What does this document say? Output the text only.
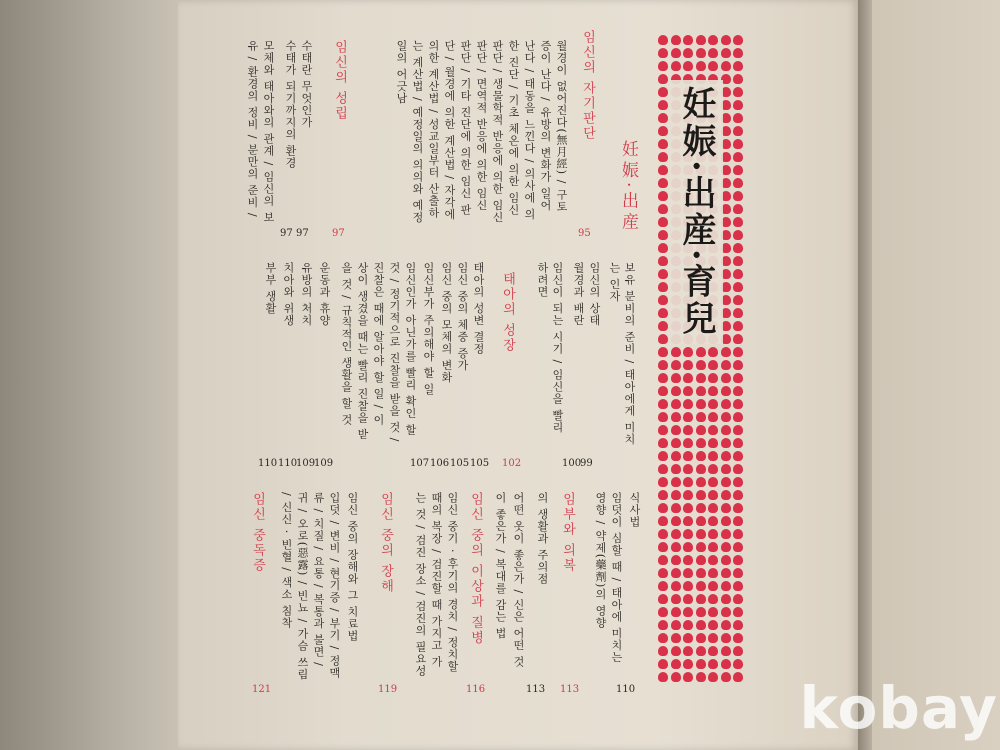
妊娠·出産·育兒
妊娠·出産
보유 분비의 준비 / 태아에게 미치
는 인자
임신의 상태
월경과 배란
임신이 되는 시기 / 임신을 빨리
하려면
99
100
임신의 자기판단
95
월경이 없어진다(無月經) / 구토
증이 난다 / 유방의 변화가 일어
난다 / 태동을 느낀다 / 의사에 의
한 진단 / 기초 체온에 의한 임신
판단 / 생물학적 반응에 의한 임신
판단 / 면역적 반응에 의한 임신
판단 / 기타 진단에 의한 임신 판
단 / 월경에 의한 계산법 / 자각에
의한 계산법 / 성교일부터 산출하
는 계산법 / 예정일의 의의와 예정
일의 어긋남
임신의 성립
97
수태란 무엇인가
수태가 되기까지의 환경
모체와 태아와의 관계 / 임신의 보
유 / 환경의 정비 / 분만의 준비 /
97
97
태아의 성장
102
태아의 성변 결정
임신 중의 체중 증가
임신 중의 모체의 변화
임신부가 주의해야 할 일
임신인가 아닌가를 빨리 확인 할
것 / 정기적으로 진찰을 받을 것 /
진찰은 때에 알아야 할 일 / 이
상이 생겼을 때는 빨리 진찰을 받
을 것 / 규칙적인 생활을 할 것
운동과 휴양
유방의 처치
치아와 위생
부부 생활
105
105
106
107
109
109
110
110
식사법
임덧이 심할 때 / 태아에 미치는
영향 / 약제(藥劑)의 영향
110
임부와 의복
113
의 생활과 주의점
어떤 옷이 좋은가 / 신은 어떤 것
이 좋은가 / 복대를 감는 법
113
임신 중의 이상과 질병
116
임신 중기 · 후기의 경치 / 정치할
때의 복장 / 검진할 때 가지고 가
는 것 / 검진 장소 / 검진의 필요성
임신 중의 장해
119
임신 중의 장해와 그 치료법
입덧 / 변비 / 현기증 / 부기 / 정맥
류 / 치질 / 요통 / 복통과 불면 /
귀 / 오로(惡露) / 빈뇨 / 가슴 쓰림
/ 신신 · 빈혈 / 색소 침착
임신 중독증
121	kobay
